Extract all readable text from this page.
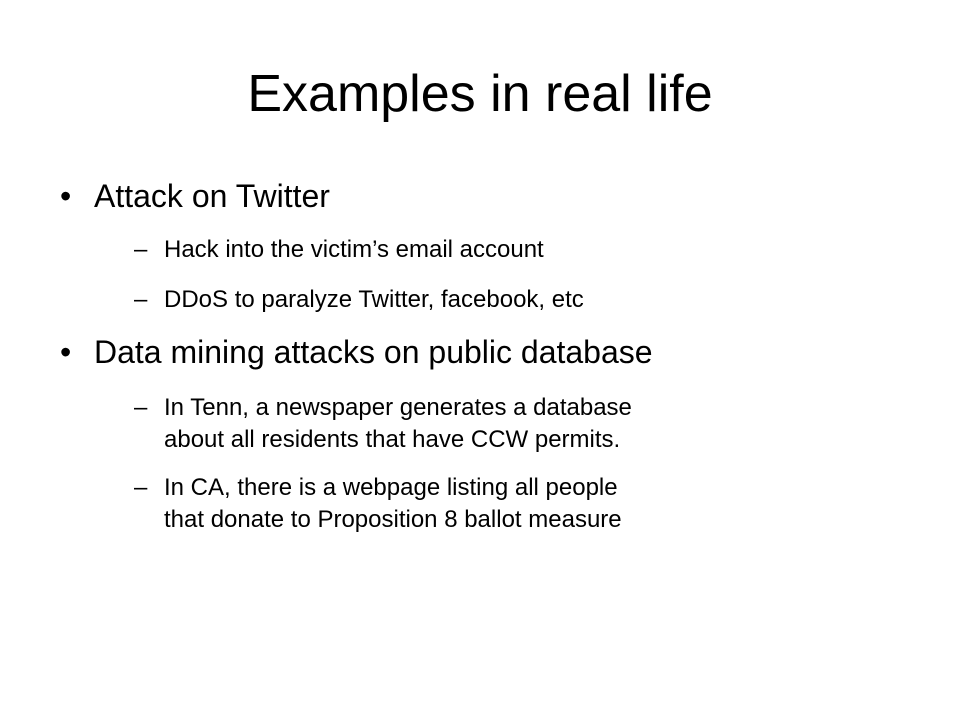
Examples in real life
• Attack on Twitter
– Hack into the victim’s email account
– DDoS to paralyze Twitter, facebook, etc
• Data mining attacks on public database
– In Tenn, a newspaper generates a database
about all residents that have CCW permits.
– In CA, there is a webpage listing all people
that donate to Proposition 8 ballot measure
